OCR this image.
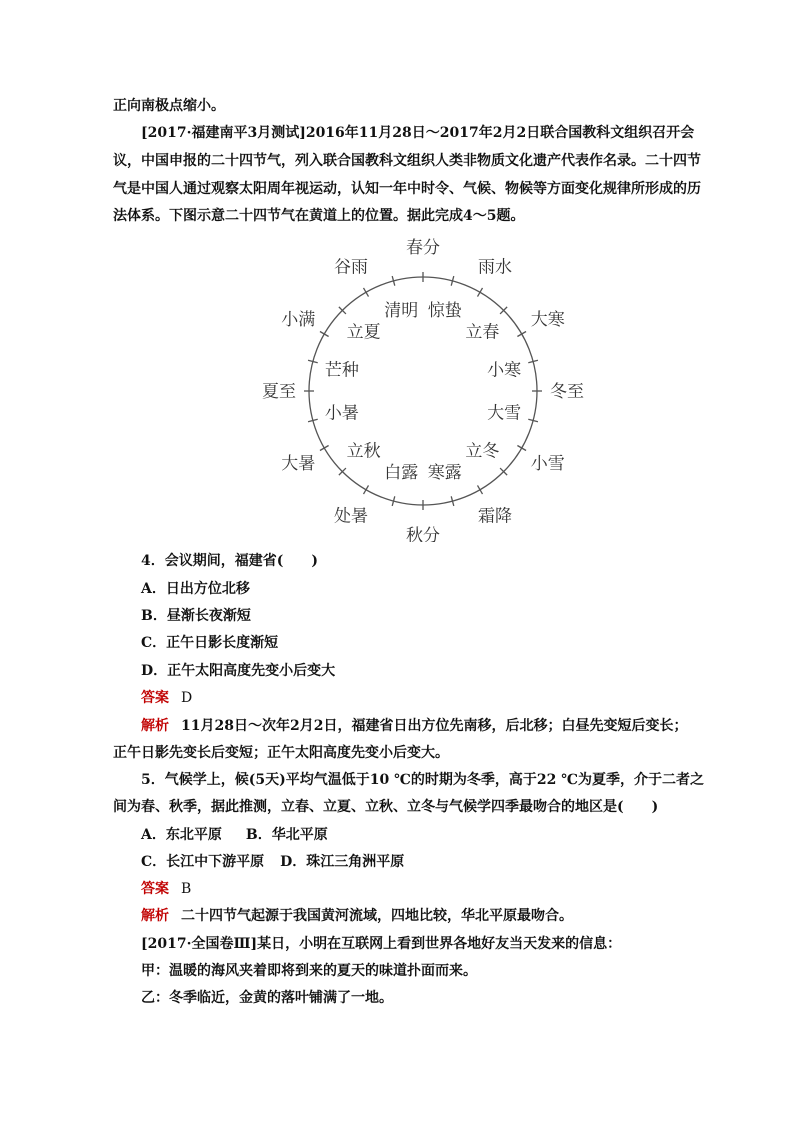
正向南极点缩小。
[2017·福建南平3月测试]2016年11月28日～2017年2月2日联合国教科文组织召开会
议，中国申报的二十四节气，列入联合国教科文组织人类非物质文化遗产代表作名录。二十四节
气是中国人通过观察太阳周年视运动，认知一年中时令、气候、物候等方面变化规律所形成的历
法体系。下图示意二十四节气在黄道上的位置。据此完成4～5题。
春分
雨水
大寒
冬至
小雪
霜降
秋分
处暑
大暑
夏至
小满
谷雨
惊蛰
立春
小寒
大雪
立冬
寒露
白露
立秋
小暑
芒种
立夏
清明
4．会议期间，福建省(　　)
A．日出方位北移
B．昼渐长夜渐短
C．正午日影长度渐短
D．正午太阳高度先变小后变大
答案 D
解析 11月28日～次年2月2日，福建省日出方位先南移，后北移；白昼先变短后变长；
正午日影先变长后变短；正午太阳高度先变小后变大。
5．气候学上，候(5天)平均气温低于10 ℃的时期为冬季，高于22 ℃为夏季，介于二者之
间为春、秋季，据此推测，立春、立夏、立秋、立冬与气候学四季最吻合的地区是(　　)
A．东北平原 B．华北平原
C．长江中下游平原 D．珠江三角洲平原
答案 B
解析 二十四节气起源于我国黄河流域，四地比较，华北平原最吻合。
[2017·全国卷Ⅲ]某日，小明在互联网上看到世界各地好友当天发来的信息：
甲：温暖的海风夹着即将到来的夏天的味道扑面而来。
乙：冬季临近，金黄的落叶铺满了一地。
